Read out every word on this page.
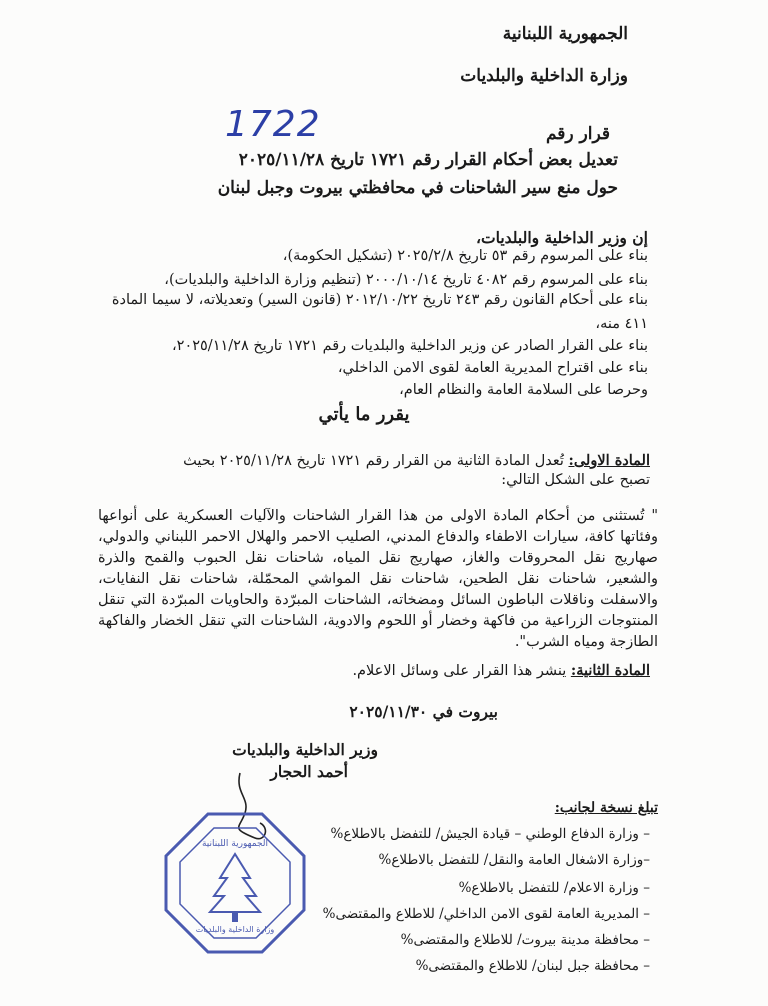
الجمهورية اللبنانية
وزارة الداخلية والبلديات
قرار رقم
1722
تعديل بعض أحكام القرار رقم ١٧٢١ تاريخ ٢٠٢٥/١١/٢٨
حول منع سير الشاحنات في محافظتي بيروت وجبل لبنان
إن وزير الداخلية والبلديات،
بناء على المرسوم رقم ٥٣ تاريخ ٢٠٢٥/٢/٨ (تشكيل الحكومة)،
بناء على المرسوم رقم ٤٠٨٢ تاريخ ٢٠٠٠/١٠/١٤ (تنظيم وزارة الداخلية والبلديات)،
بناء على أحكام القانون رقم ٢٤٣ تاريخ ٢٠١٢/١٠/٢٢ (قانون السير) وتعديلاته، لا سيما المادة
٤١١ منه،
بناء على القرار الصادر عن وزير الداخلية والبلديات رقم ١٧٢١ تاريخ ٢٠٢٥/١١/٢٨،
بناء على اقتراح المديرية العامة لقوى الامن الداخلي،
وحرصا على السلامة العامة والنظام العام،
يقرر ما يأتي
المادة الاولى: تُعدل المادة الثانية من القرار رقم ١٧٢١ تاريخ ٢٠٢٥/١١/٢٨ بحيث
تصبح على الشكل التالي:
" تُستثنى من أحكام المادة الاولى من هذا القرار الشاحنات والآليات العسكرية على أنواعها وفئاتها كافة، سيارات الاطفاء والدفاع المدني، الصليب الاحمر والهلال الاحمر اللبناني والدولي، صهاريج نقل المحروقات والغاز، صهاريج نقل المياه، شاحنات نقل الحبوب والقمح والذرة والشعير، شاحنات نقل الطحين، شاحنات نقل المواشي المحمّلة، شاحنات نقل النفايات، والاسفلت وناقلات الباطون السائل ومضخاته، الشاحنات المبرّدة والحاويات المبرّدة التي تنقل المنتوجات الزراعية من فاكهة وخضار أو اللحوم والادوية، الشاحنات التي تنقل الخضار والفاكهة الطازجة ومياه الشرب".
المادة الثانية: ينشر هذا القرار على وسائل الاعلام.
بيروت في ٢٠٢٥/١١/٣٠
وزير الداخلية والبلديات
أحمد الحجار
الجمهورية اللبنانية
وزارة الداخلية والبلديات
تبلغ نسخة لجانب:
– وزارة الدفاع الوطني – قيادة الجيش/ للتفضل بالاطلاع%
–وزارة الاشغال العامة والنقل/ للتفضل بالاطلاع%
– وزارة الاعلام/ للتفضل بالاطلاع%
– المديرية العامة لقوى الامن الداخلي/ للاطلاع والمقتضى%
– محافظة مدينة بيروت/ للاطلاع والمقتضى%
– محافظة جبل لبنان/ للاطلاع والمقتضى%
